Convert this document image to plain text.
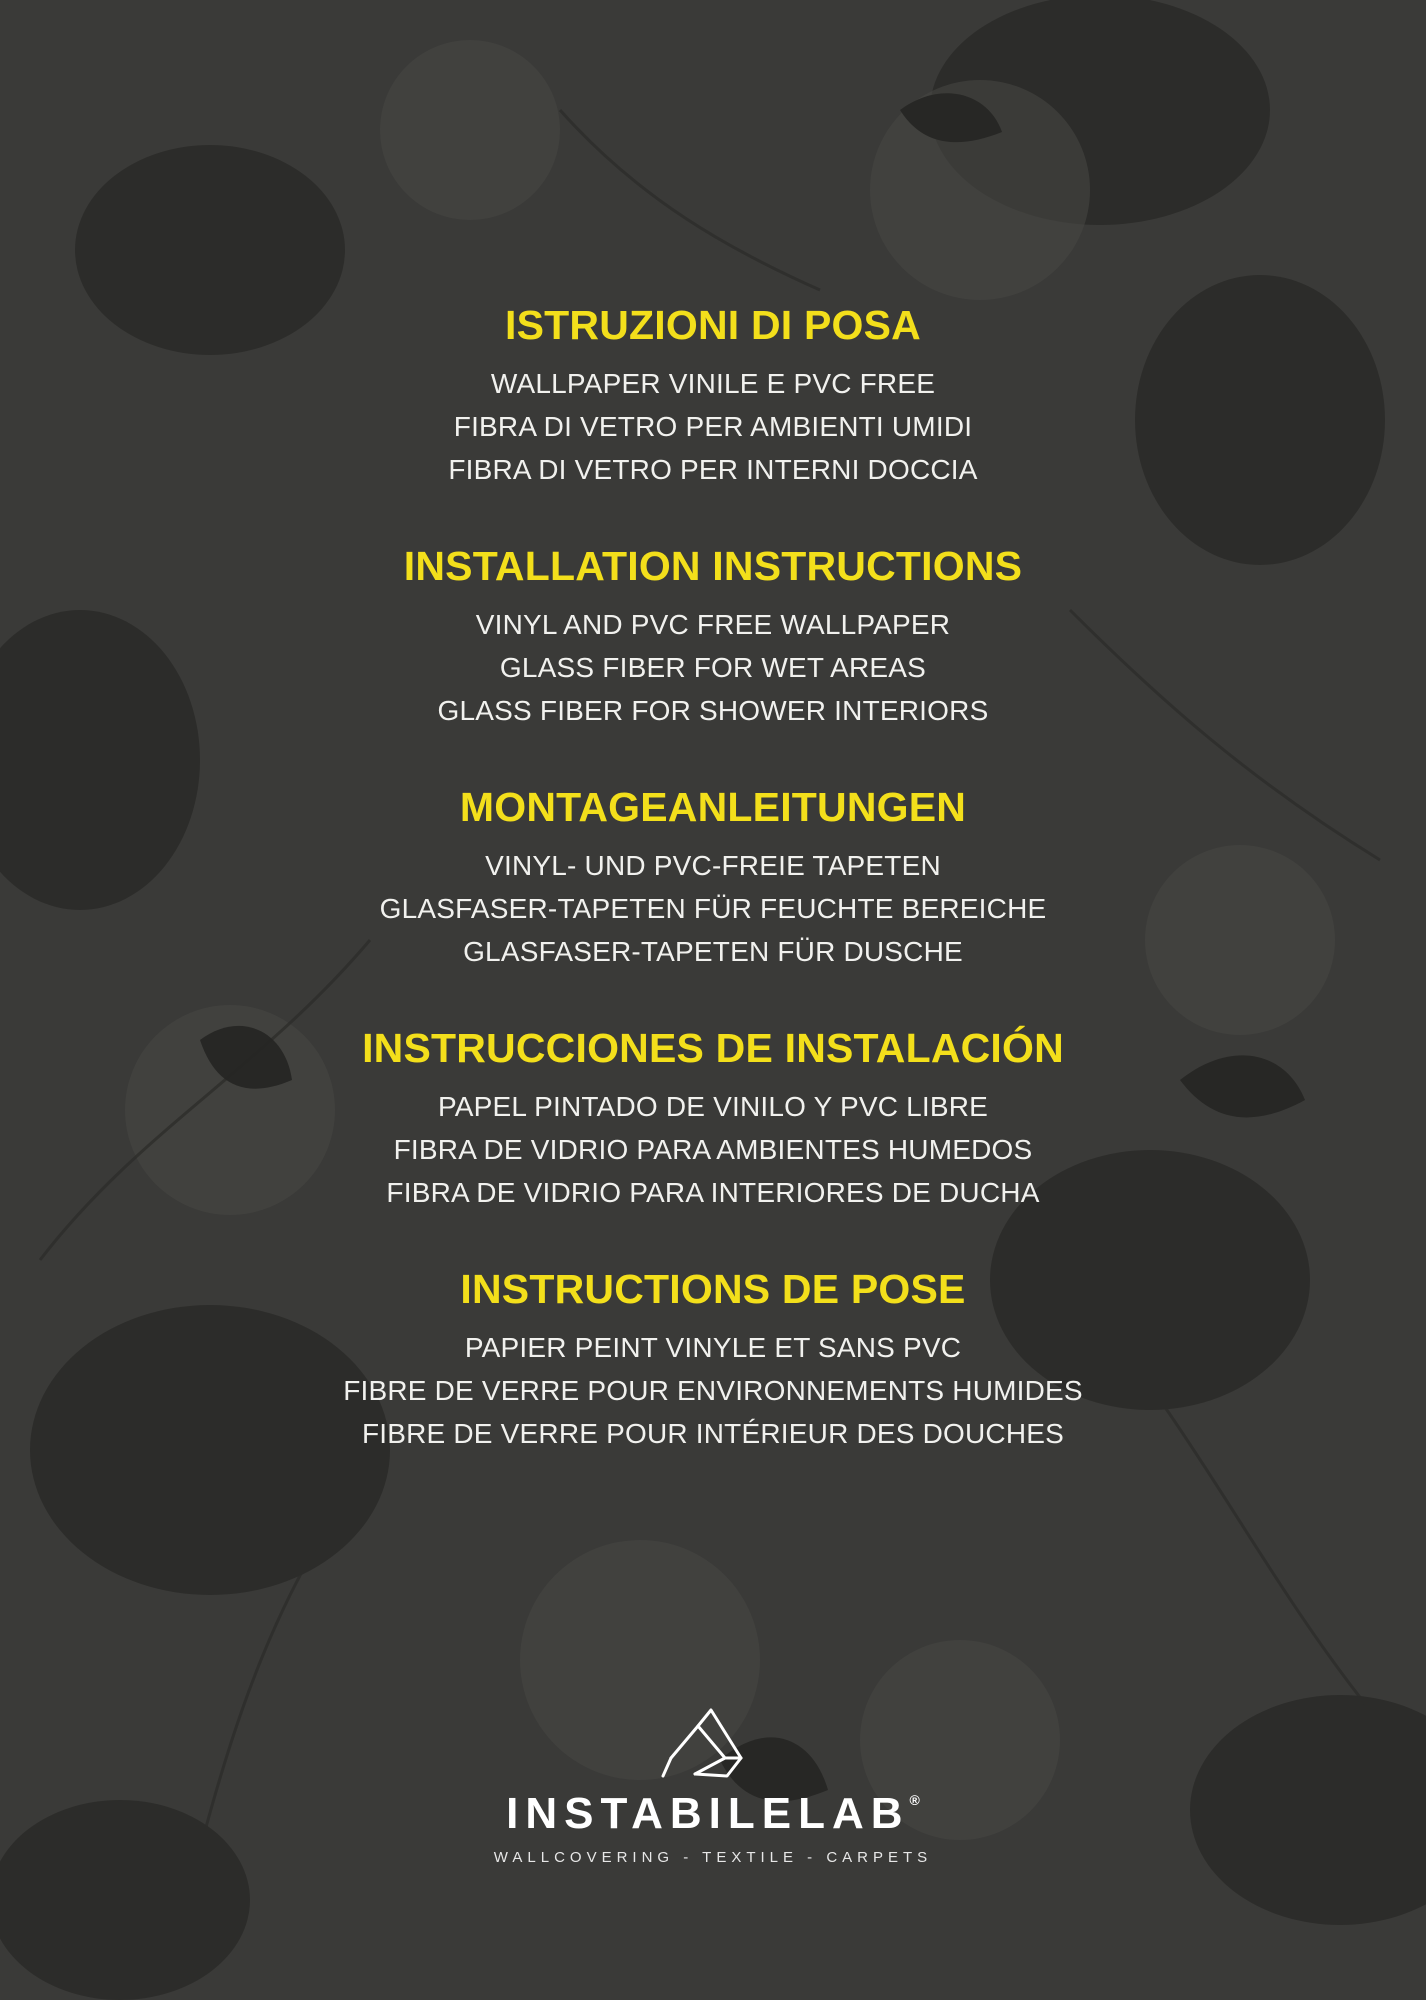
ISTRUZIONI DI POSA
WALLPAPER VINILE E PVC FREE
FIBRA DI VETRO PER AMBIENTI UMIDI
FIBRA DI VETRO PER INTERNI DOCCIA
INSTALLATION INSTRUCTIONS
VINYL AND PVC FREE WALLPAPER
GLASS FIBER FOR WET AREAS
GLASS FIBER FOR SHOWER INTERIORS
MONTAGEANLEITUNGEN
VINYL- UND PVC-FREIE TAPETEN
GLASFASER-TAPETEN FÜR FEUCHTE BEREICHE
GLASFASER-TAPETEN FÜR DUSCHE
INSTRUCCIONES DE INSTALACIÓN
PAPEL PINTADO DE VINILO Y PVC LIBRE
FIBRA DE VIDRIO PARA AMBIENTES HUMEDOS
FIBRA DE VIDRIO PARA INTERIORES DE DUCHA
INSTRUCTIONS DE POSE
PAPIER PEINT VINYLE ET SANS PVC
FIBRE DE VERRE POUR ENVIRONNEMENTS HUMIDES
FIBRE DE VERRE POUR INTÉRIEUR DES DOUCHES
INSTABILELAB®
WALLCOVERING - TEXTILE - CARPETS
